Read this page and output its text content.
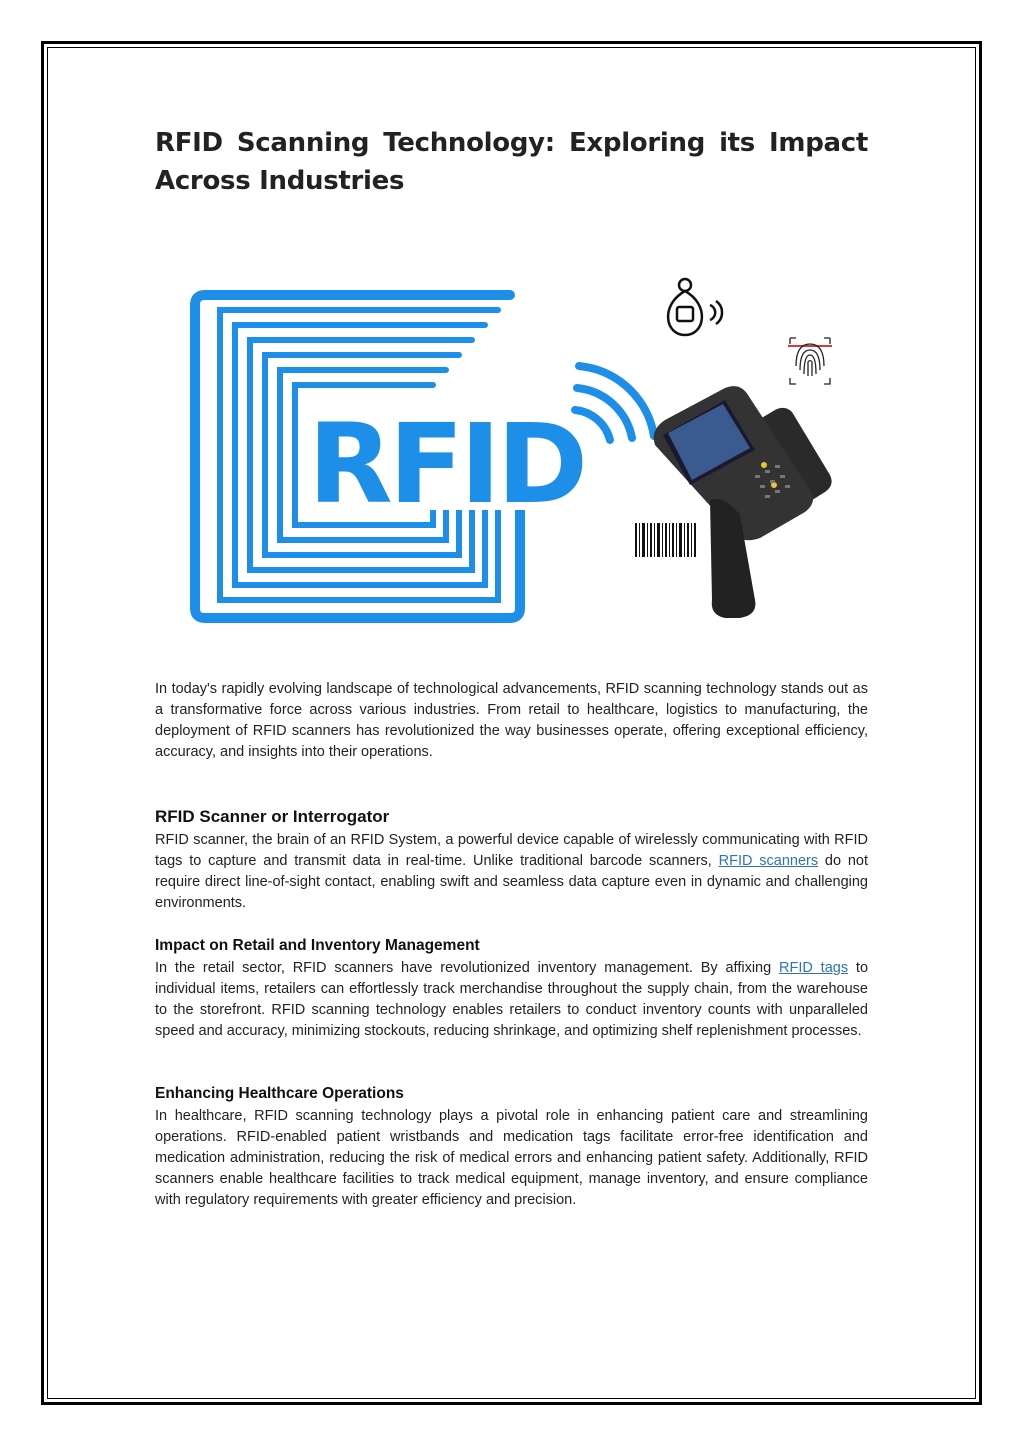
RFID Scanning Technology: Exploring its Impact Across Industries
RFID

In today's rapidly evolving landscape of technological advancements, RFID scanning technology stands out as a transformative force across various industries. From retail to healthcare, logistics to manufacturing, the deployment of RFID scanners has revolutionized the way businesses operate, offering exceptional efficiency, accuracy, and insights into their operations.

RFID Scanner or Interrogator

RFID scanner, the brain of an RFID System, a powerful device capable of wirelessly communicating with RFID tags to capture and transmit data in real-time. Unlike traditional barcode scanners, RFID scanners do not require direct line-of-sight contact, enabling swift and seamless data capture even in dynamic and challenging environments.

Impact on Retail and Inventory Management

In the retail sector, RFID scanners have revolutionized inventory management. By affixing RFID tags to individual items, retailers can effortlessly track merchandise throughout the supply chain, from the warehouse to the storefront. RFID scanning technology enables retailers to conduct inventory counts with unparalleled speed and accuracy, minimizing stockouts, reducing shrinkage, and optimizing shelf replenishment processes.

Enhancing Healthcare Operations

In healthcare, RFID scanning technology plays a pivotal role in enhancing patient care and streamlining operations. RFID-enabled patient wristbands and medication tags facilitate error-free identification and medication administration, reducing the risk of medical errors and enhancing patient safety. Additionally, RFID scanners enable healthcare facilities to track medical equipment, manage inventory, and ensure compliance with regulatory requirements with greater efficiency and precision.
